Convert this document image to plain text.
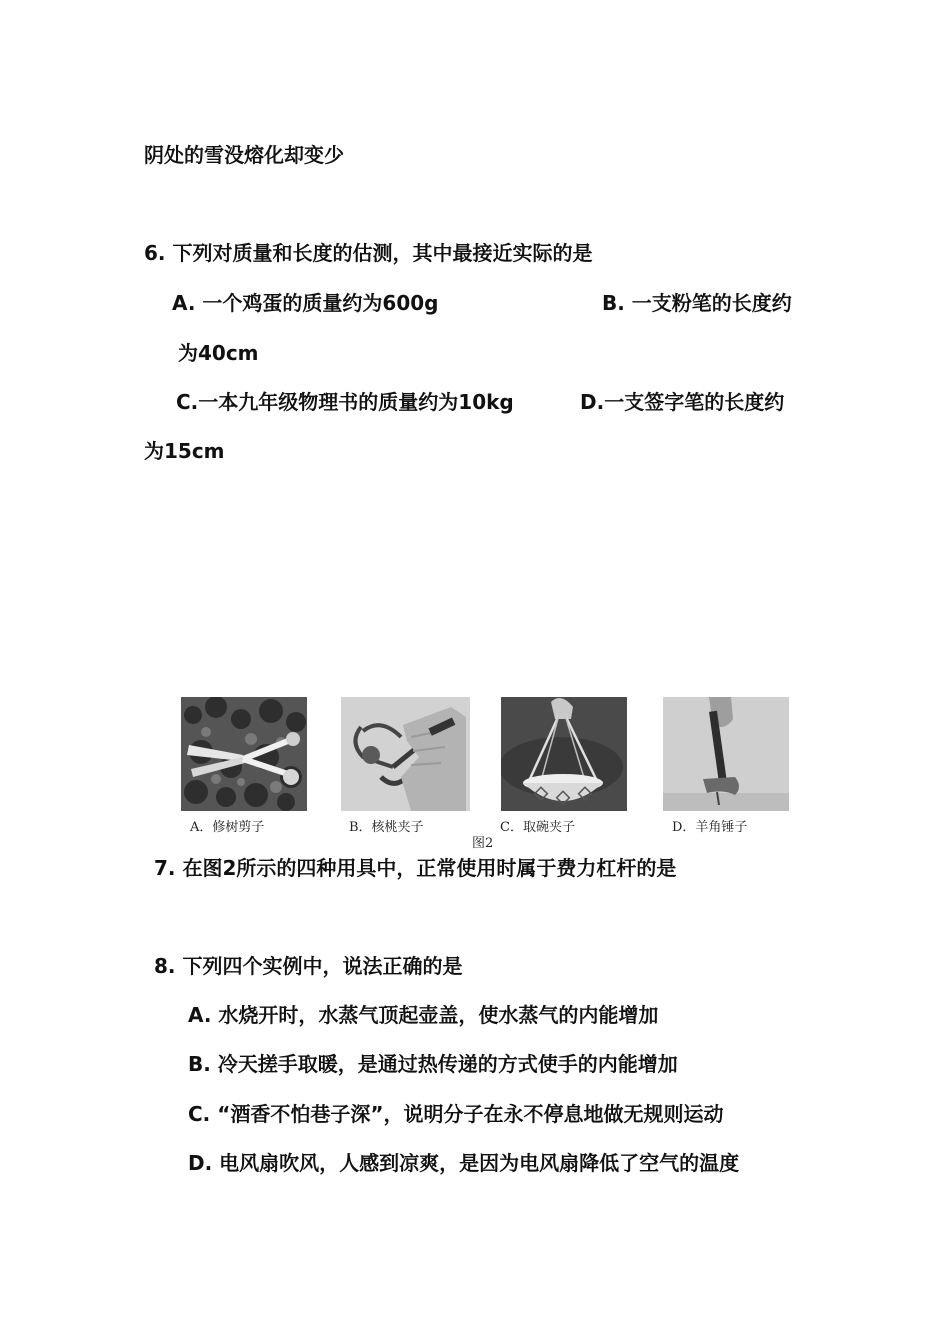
阴处的雪没熔化却变少
6. 下列对质量和长度的估测，其中最接近实际的是
A. 一个鸡蛋的质量约为600g	B. 一支粉笔的长度约
为40cm
C.一本九年级物理书的质量约为10kg	D.一支签字笔的长度约
为15cm
A．修树剪子	B．核桃夹子	C．取碗夹子	D．羊角锤子
图2
7. 在图2所示的四种用具中，正常使用时属于费力杠杆的是
8. 下列四个实例中，说法正确的是
A. 水烧开时，水蒸气顶起壶盖，使水蒸气的内能增加
B. 冷天搓手取暖，是通过热传递的方式使手的内能增加
C. “酒香不怕巷子深”，说明分子在永不停息地做无规则运动
D. 电风扇吹风，人感到凉爽，是因为电风扇降低了空气的温度
